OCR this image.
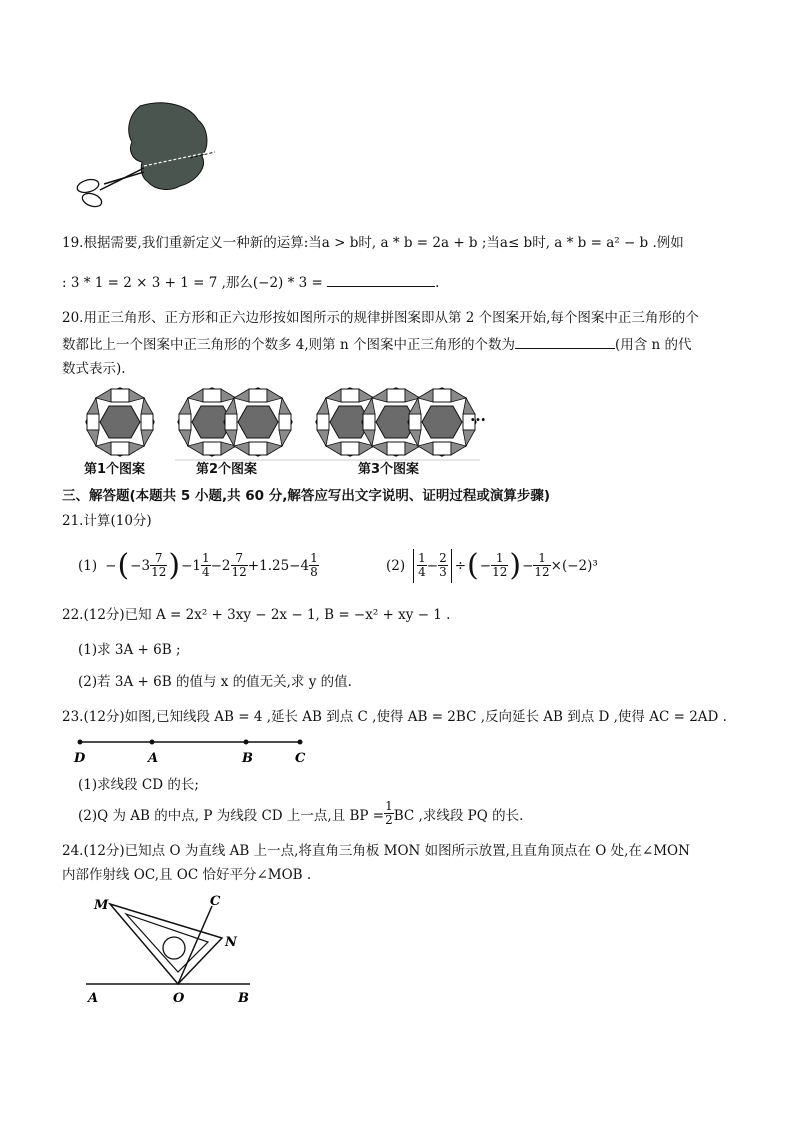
19.根据需要,我们重新定义一种新的运算:当a > b时, a * b = 2a + b ;当a≤ b时, a * b = a² − b .例如
: 3 * 1 = 2 × 3 + 1 = 7 ,那么(−2) * 3 =	.
20.用正三角形、正方形和正六边形按如图所示的规律拼图案即从第 2 个图案开始,每个图案中正三角形的个
数都比上一个图案中正三角形的个数多 4,则第 n 个图案中正三角形的个数为	(用含 n 的代
数式表示).
第1个图案	第2个图案	第3个图案
…
三、解答题(本题共 5 小题,共 60 分,解答应写出文字说明、证明过程或演算步骤)
21.计算(10分)
(1) − ( $-3 \frac{7}{12}$ ) $-1 \frac{1}{4} -2 \frac{7}{12} +1.25-4 \frac{1}{8}$	$(2) \frac{1}{4} - \frac{2}{3}$ ÷ ( − $\frac{1}{12}$ ) − $\frac{1}{12} \times(-2)^3$
22.(12分)已知 A = 2x² + 3xy − 2x − 1, B = −x² + xy − 1 .
(1)求 3A + 6B ;
(2)若 3A + 6B 的值与 x 的值无关,求 y 的值.
23.(12分)如图,已知线段 AB = 4 ,延长 AB 到点 C ,使得 AB = 2BC ,反向延长 AB 到点 D ,使得 AC = 2AD .
D	A	B	C
(1)求线段 CD 的长;
(2)Q 为 AB 的中点, P 为线段 CD 上一点,且 BP = $\frac{1}{2}$ BC ,求线段 PQ 的长.
24.(12分)已知点 O 为直线 AB 上一点,将直角三角板 MON 如图所示放置,且直角顶点在 O 处,在∠MON
内部作射线 OC,且 OC 恰好平分∠MOB .
M	C
N
A	O	B
